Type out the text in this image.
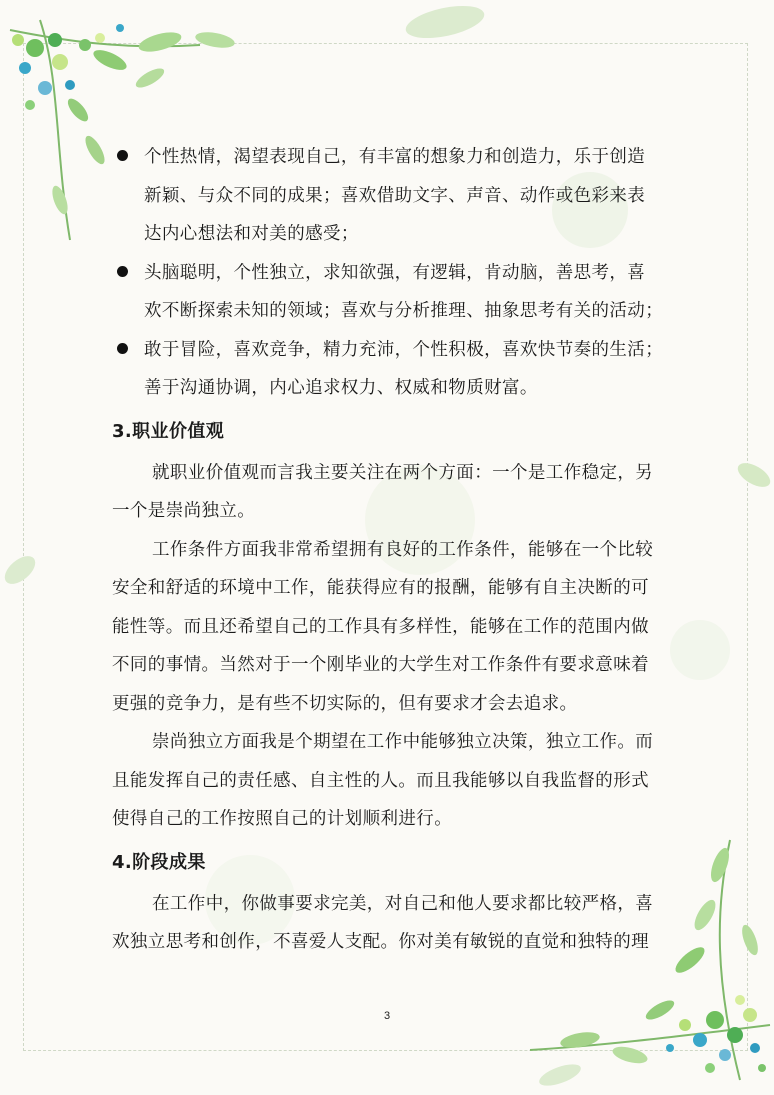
个性热情，渴望表现自己，有丰富的想象力和创造力，乐于创造
新颖、与众不同的成果；喜欢借助文字、声音、动作或色彩来表
达内心想法和对美的感受；
头脑聪明，个性独立，求知欲强，有逻辑，肯动脑，善思考，喜
欢不断探索未知的领域；喜欢与分析推理、抽象思考有关的活动；
敢于冒险，喜欢竞争，精力充沛，个性积极，喜欢快节奏的生活；
善于沟通协调，内心追求权力、权威和物质财富。
3.职业价值观
就职业价值观而言我主要关注在两个方面：一个是工作稳定，另
一个是崇尚独立。
工作条件方面我非常希望拥有良好的工作条件，能够在一个比较
安全和舒适的环境中工作，能获得应有的报酬，能够有自主决断的可
能性等。而且还希望自己的工作具有多样性，能够在工作的范围内做
不同的事情。当然对于一个刚毕业的大学生对工作条件有要求意味着
更强的竞争力，是有些不切实际的，但有要求才会去追求。
崇尚独立方面我是个期望在工作中能够独立决策，独立工作。而
且能发挥自己的责任感、自主性的人。而且我能够以自我监督的形式
使得自己的工作按照自己的计划顺利进行。
4.阶段成果
在工作中，你做事要求完美，对自己和他人要求都比较严格，喜
欢独立思考和创作，不喜爱人支配。你对美有敏锐的直觉和独特的理
3
